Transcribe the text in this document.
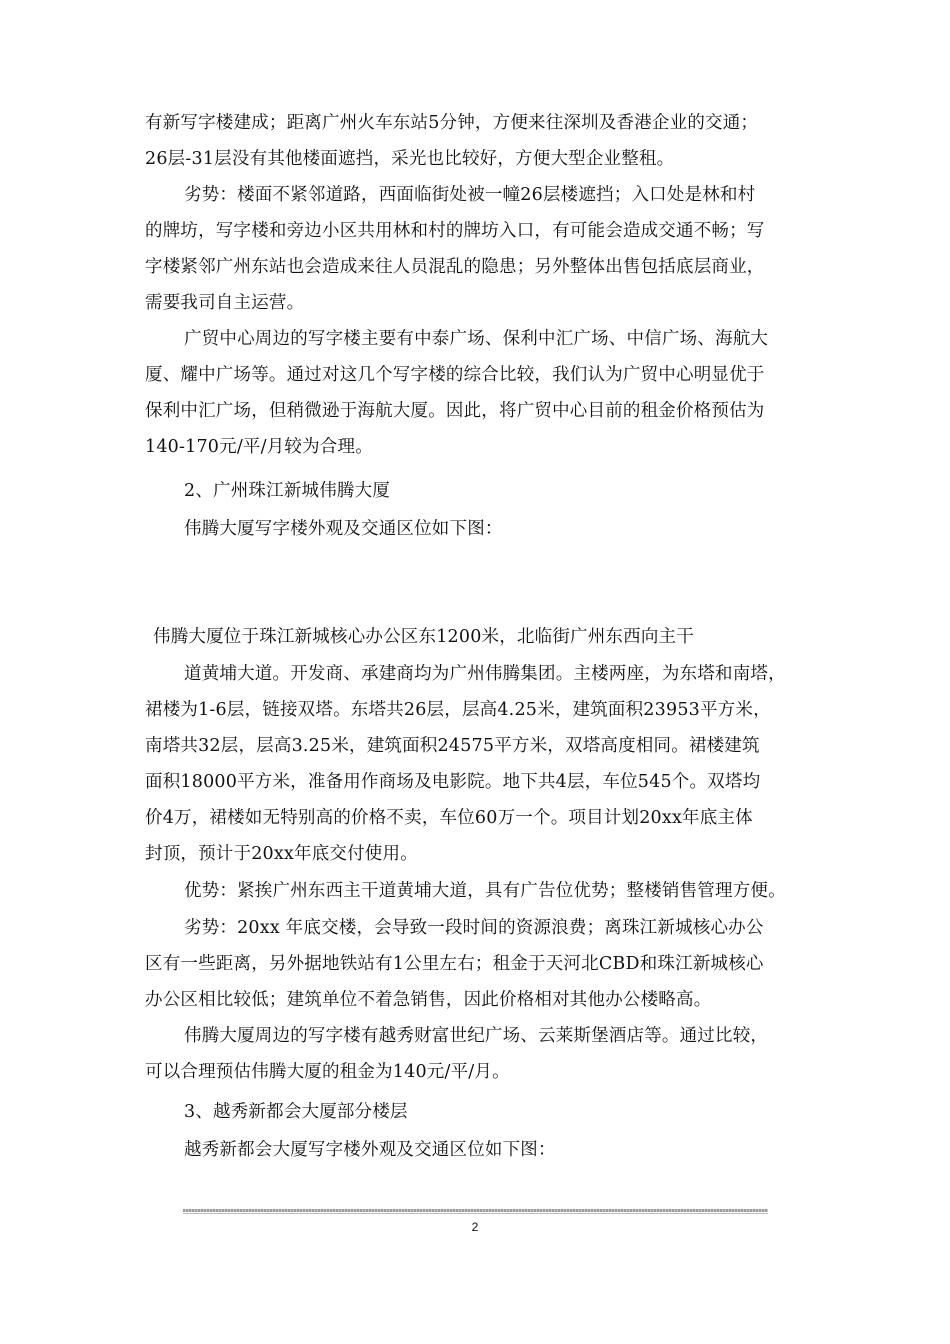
有新写字楼建成；距离广州火车东站5分钟，方便来往深圳及香港企业的交通；
26层-31层没有其他楼面遮挡，采光也比较好，方便大型企业整租。
劣势：楼面不紧邻道路，西面临街处被一幢26层楼遮挡；入口处是林和村
的牌坊，写字楼和旁边小区共用林和村的牌坊入口，有可能会造成交通不畅；写
字楼紧邻广州东站也会造成来往人员混乱的隐患；另外整体出售包括底层商业，
需要我司自主运营。
广贸中心周边的写字楼主要有中泰广场、保利中汇广场、中信广场、海航大
厦、耀中广场等。通过对这几个写字楼的综合比较，我们认为广贸中心明显优于
保利中汇广场，但稍微逊于海航大厦。因此，将广贸中心目前的租金价格预估为
140-170元/平/月较为合理。
2、广州珠江新城伟腾大厦
伟腾大厦写字楼外观及交通区位如下图：
伟腾大厦位于珠江新城核心办公区东1200米，北临街广州东西向主干
道黄埔大道。开发商、承建商均为广州伟腾集团。主楼两座，为东塔和南塔，
裙楼为1-6层，链接双塔。东塔共26层，层高4.25米，建筑面积23953平方米，
南塔共32层，层高3.25米，建筑面积24575平方米，双塔高度相同。裙楼建筑
面积18000平方米，准备用作商场及电影院。地下共4层，车位545个。双塔均
价4万，裙楼如无特别高的价格不卖，车位60万一个。项目计划20xx年底主体
封顶，预计于20xx年底交付使用。
优势：紧挨广州东西主干道黄埔大道，具有广告位优势；整楼销售管理方便。
劣势：20xx 年底交楼，会导致一段时间的资源浪费；离珠江新城核心办公
区有一些距离，另外据地铁站有1公里左右；租金于天河北CBD和珠江新城核心
办公区相比较低；建筑单位不着急销售，因此价格相对其他办公楼略高。
伟腾大厦周边的写字楼有越秀财富世纪广场、云莱斯堡酒店等。通过比较，
可以合理预估伟腾大厦的租金为140元/平/月。
3、越秀新都会大厦部分楼层
越秀新都会大厦写字楼外观及交通区位如下图：
2
